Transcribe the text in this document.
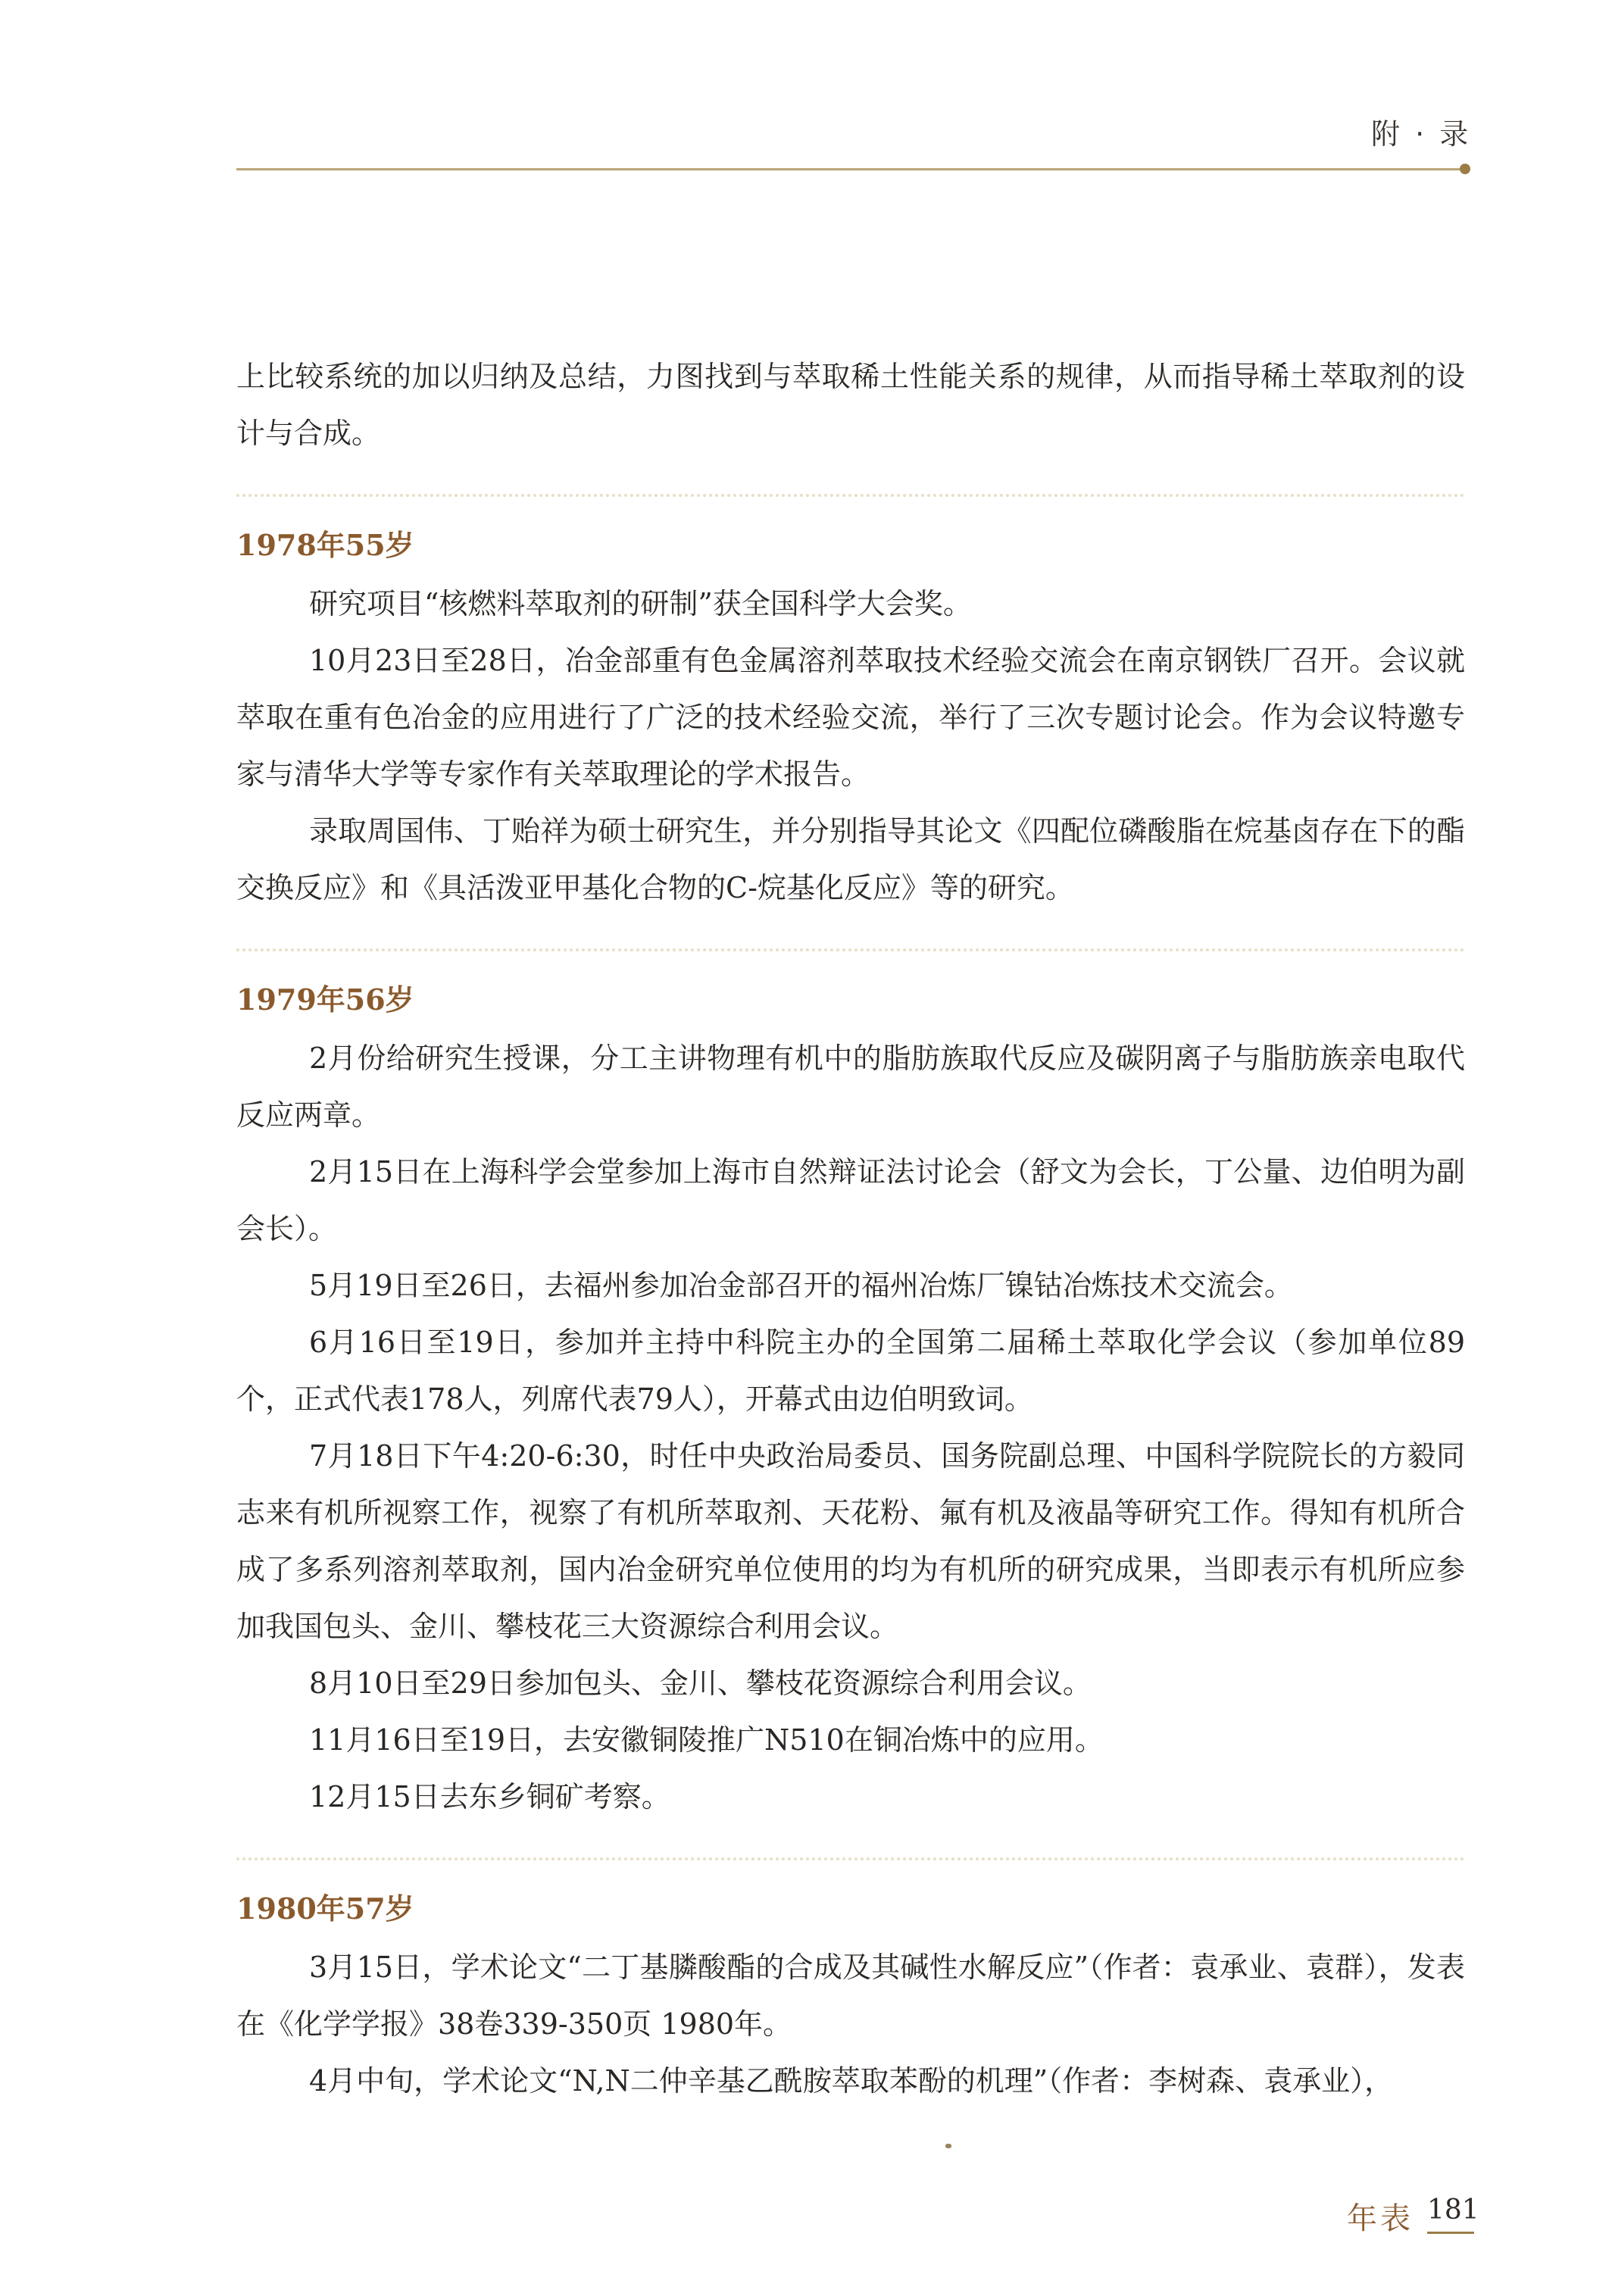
附 · 录

上比较系统的加以归纳及总结，力图找到与萃取稀土性能关系的规律，从而指导稀土萃取剂的设计与合成。

1978年55岁

研究项目“核燃料萃取剂的研制”获全国科学大会奖。

10月23日至28日，冶金部重有色金属溶剂萃取技术经验交流会在南京钢铁厂召开。会议就萃取在重有色冶金的应用进行了广泛的技术经验交流，举行了三次专题讨论会。作为会议特邀专家与清华大学等专家作有关萃取理论的学术报告。

录取周国伟、丁贻祥为硕士研究生，并分别指导其论文《四配位磷酸脂在烷基卤存在下的酯交换反应》和《具活泼亚甲基化合物的C-烷基化反应》等的研究。

1979年56岁

2月份给研究生授课，分工主讲物理有机中的脂肪族取代反应及碳阴离子与脂肪族亲电取代反应两章。

2月15日在上海科学会堂参加上海市自然辩证法讨论会（舒文为会长，丁公量、边伯明为副会长）。

5月19日至26日，去福州参加冶金部召开的福州冶炼厂镍钴冶炼技术交流会。

6月16日至19日，参加并主持中科院主办的全国第二届稀土萃取化学会议（参加单位89个，正式代表178人，列席代表79人），开幕式由边伯明致词。

7月18日下午4:20-6:30，时任中央政治局委员、国务院副总理、中国科学院院长的方毅同志来有机所视察工作，视察了有机所萃取剂、天花粉、氟有机及液晶等研究工作。得知有机所合成了多系列溶剂萃取剂，国内冶金研究单位使用的均为有机所的研究成果，当即表示有机所应参加我国包头、金川、攀枝花三大资源综合利用会议。

8月10日至29日参加包头、金川、攀枝花资源综合利用会议。

11月16日至19日，去安徽铜陵推广N510在铜冶炼中的应用。

12月15日去东乡铜矿考察。

1980年57岁

3月15日，学术论文“二丁基膦酸酯的合成及其碱性水解反应”（作者：袁承业、袁群），发表在《化学学报》38卷339-350页 1980年。

4月中旬，学术论文“N,N二仲辛基乙酰胺萃取苯酚的机理”（作者：李树森、袁承业），

年表 181
